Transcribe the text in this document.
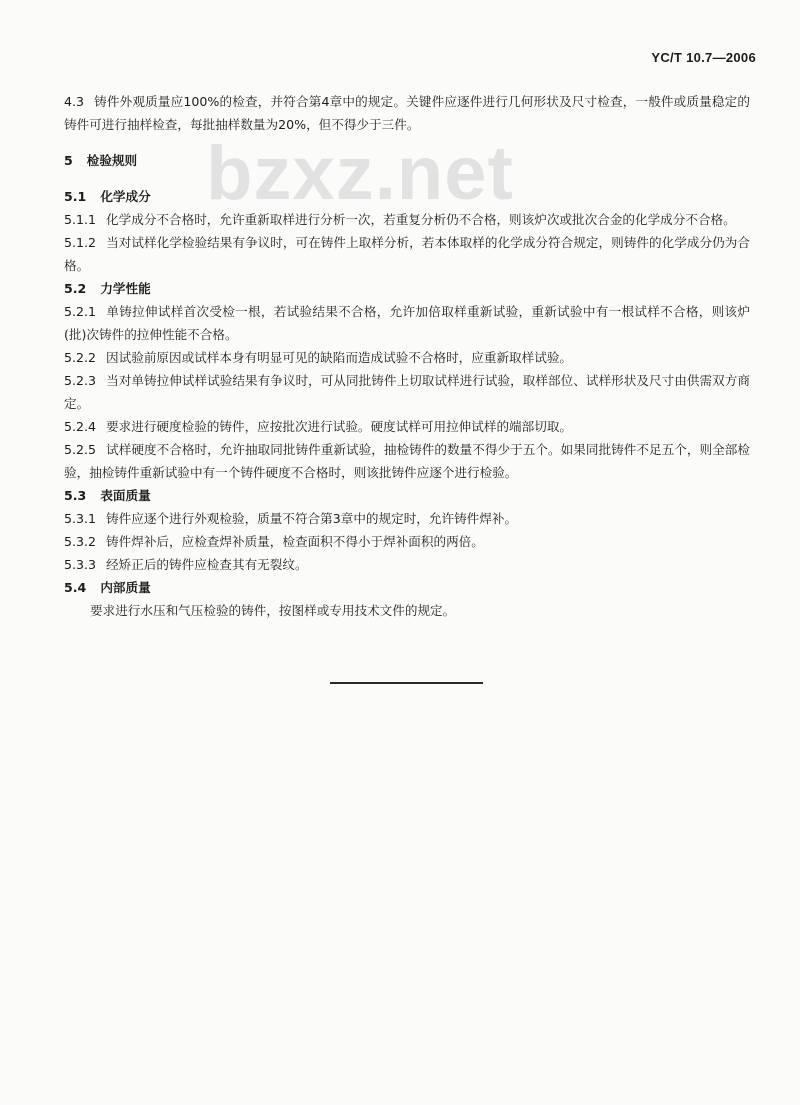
YC/T 10.7—2006
bzxz.net

4.3 铸件外观质量应100%的检查，并符合第4章中的规定。关键件应逐件进行几何形状及尺寸检查，一般件或质量稳定的铸件可进行抽样检查，每批抽样数量为20%，但不得少于三件。

5 检验规则

5.1 化学成分

5.1.1 化学成分不合格时，允许重新取样进行分析一次，若重复分析仍不合格，则该炉次或批次合金的化学成分不合格。

5.1.2 当对试样化学检验结果有争议时，可在铸件上取样分析，若本体取样的化学成分符合规定，则铸件的化学成分仍为合格。

5.2 力学性能

5.2.1 单铸拉伸试样首次受检一根，若试验结果不合格，允许加倍取样重新试验，重新试验中有一根试样不合格，则该炉(批)次铸件的拉伸性能不合格。

5.2.2 因试验前原因或试样本身有明显可见的缺陷而造成试验不合格时，应重新取样试验。

5.2.3 当对单铸拉伸试样试验结果有争议时，可从同批铸件上切取试样进行试验，取样部位、试样形状及尺寸由供需双方商定。

5.2.4 要求进行硬度检验的铸件，应按批次进行试验。硬度试样可用拉伸试样的端部切取。

5.2.5 试样硬度不合格时，允许抽取同批铸件重新试验，抽检铸件的数量不得少于五个。如果同批铸件不足五个，则全部检验，抽检铸件重新试验中有一个铸件硬度不合格时，则该批铸件应逐个进行检验。

5.3 表面质量

5.3.1 铸件应逐个进行外观检验，质量不符合第3章中的规定时，允许铸件焊补。

5.3.2 铸件焊补后，应检查焊补质量，检查面积不得小于焊补面积的两倍。

5.3.3 经矫正后的铸件应检查其有无裂纹。

5.4 内部质量

要求进行水压和气压检验的铸件，按图样或专用技术文件的规定。
